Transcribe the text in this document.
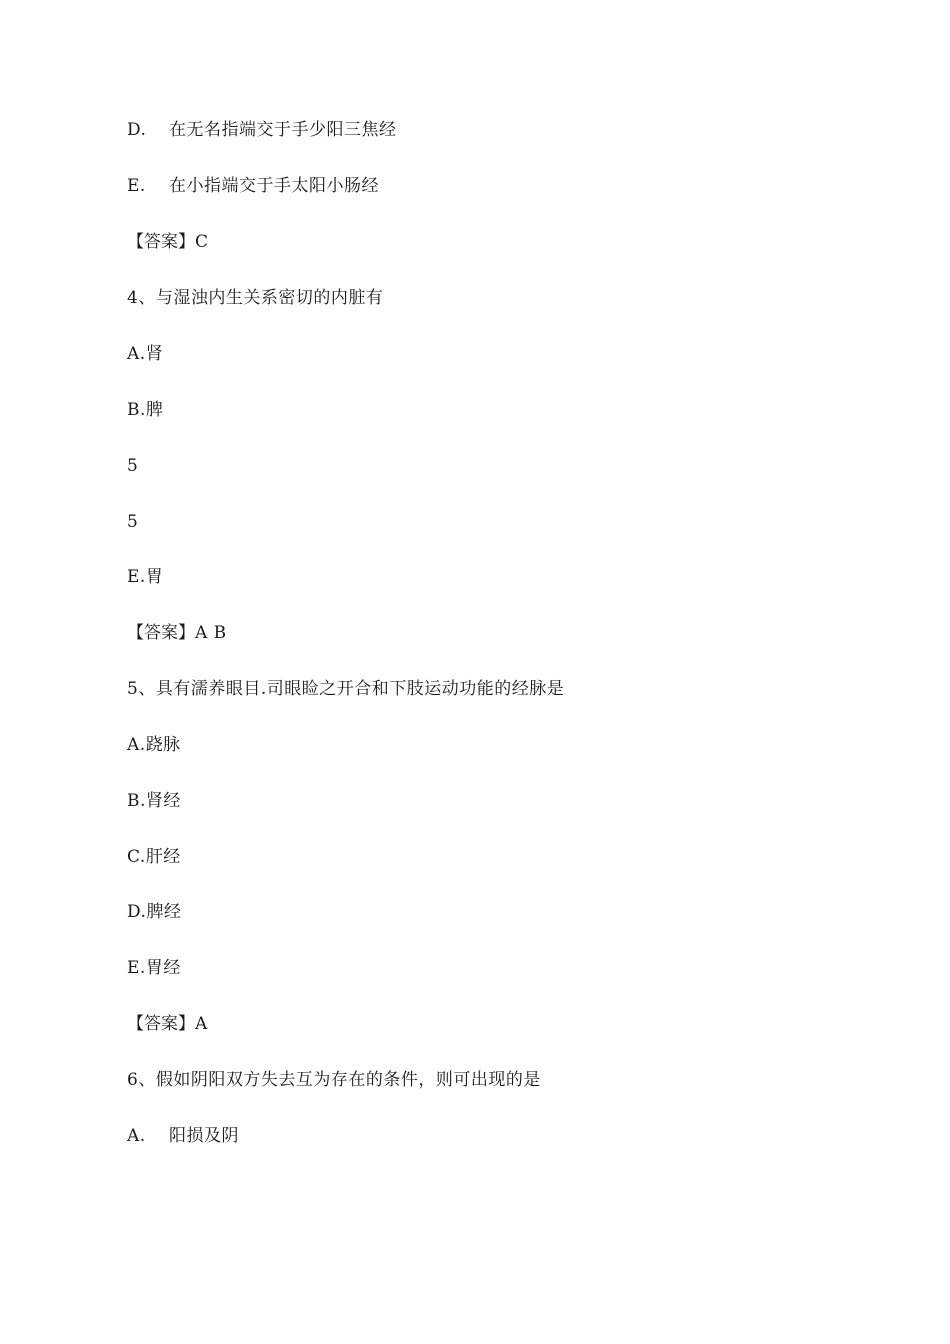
D. 在无名指端交于手少阳三焦经
E. 在小指端交于手太阳小肠经
【答案】C
4、与湿浊内生关系密切的内脏有
A.肾
B.脾
5
5
E.胃
【答案】A B
5、具有濡养眼目.司眼睑之开合和下肢运动功能的经脉是
A.跷脉
B.肾经
C.肝经
D.脾经
E.胃经
【答案】A
6、假如阴阳双方失去互为存在的条件，则可出现的是
A. 阳损及阴
